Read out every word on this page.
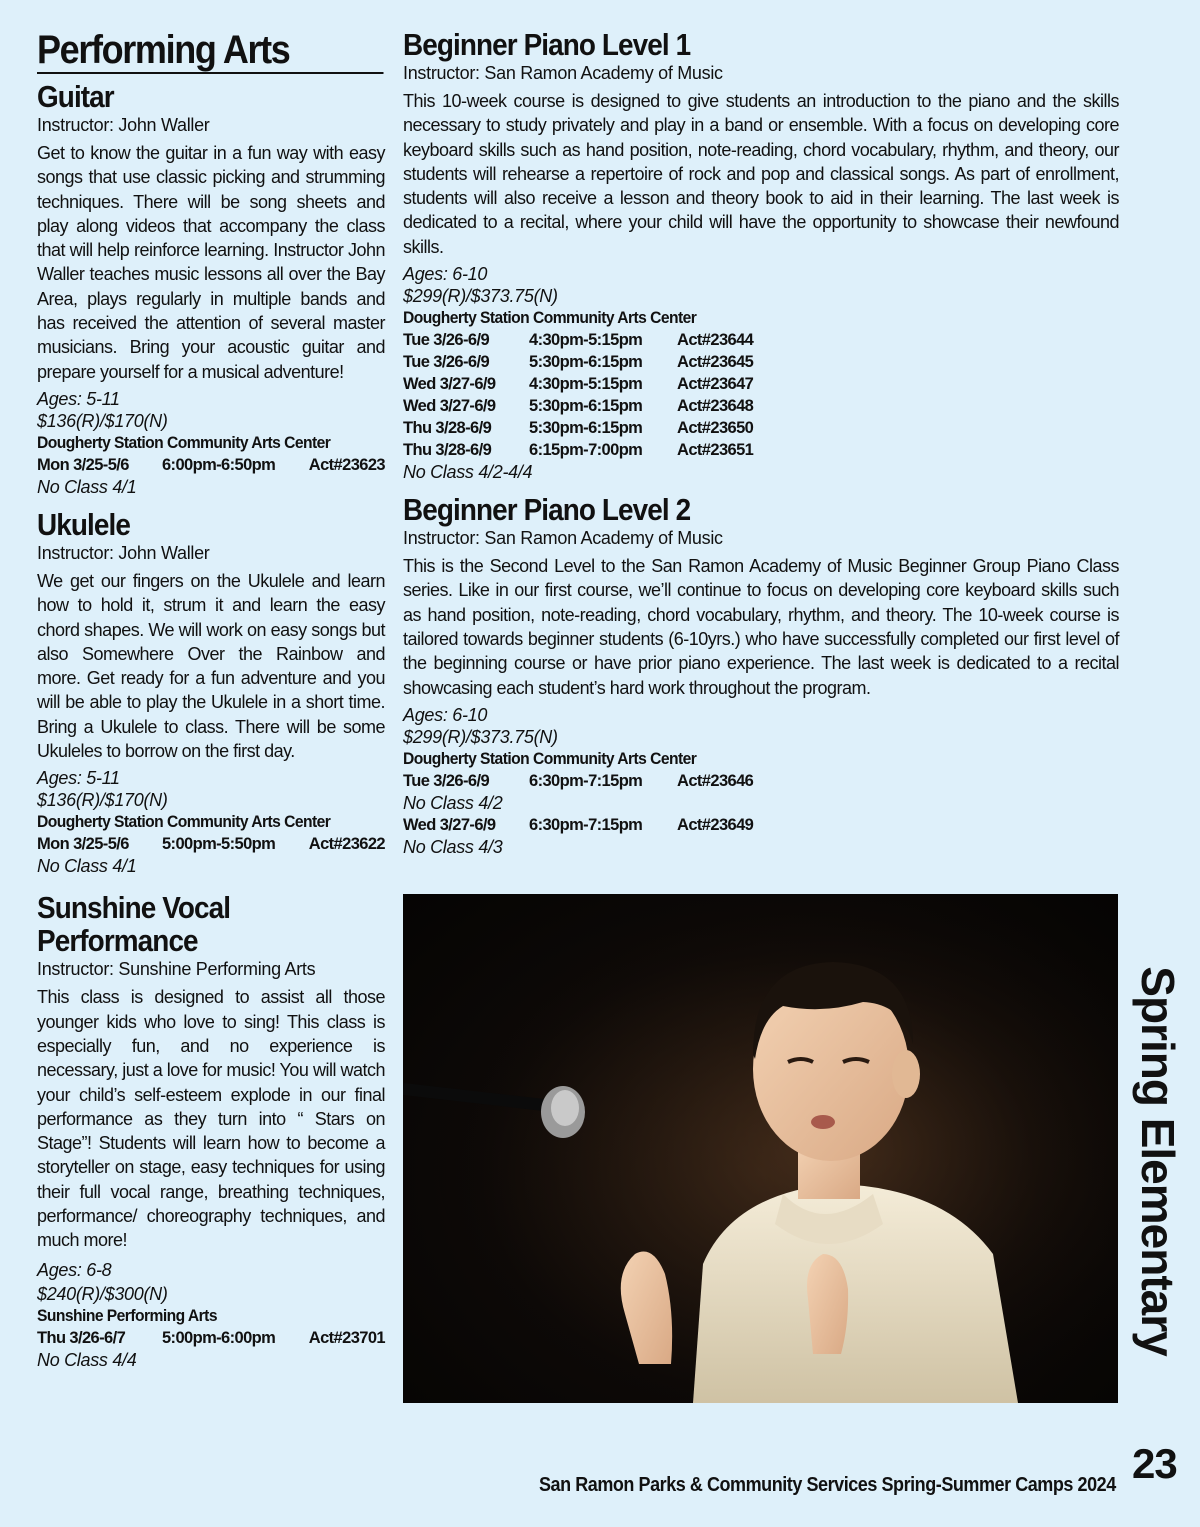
Performing Arts
Guitar
Instructor: John Waller

Get to know the guitar in a fun way with easy songs that use classic picking and strumming techniques. There will be song sheets and play along videos that accompany the class that will help reinforce learning. Instructor John Waller teaches music lessons all over the Bay Area, plays regularly in multiple bands and has received the attention of several master musicians. Bring your acoustic guitar and prepare yourself for a musical adventure!

Ages: 5-11
$136(R)/$170(N)
Dougherty Station Community Arts Center
Mon 3/25-5/6	6:00pm-6:50pm	Act#23623
No Class 4/1
Ukulele
Instructor: John Waller

We get our fingers on the Ukulele and learn how to hold it, strum it and learn the easy chord shapes. We will work on easy songs but also Somewhere Over the Rainbow and more. Get ready for a fun adventure and you will be able to play the Ukulele in a short time. Bring a Ukulele to class. There will be some Ukuleles to borrow on the first day.

Ages: 5-11
$136(R)/$170(N)
Dougherty Station Community Arts Center
Mon 3/25-5/6	5:00pm-5:50pm	Act#23622
No Class 4/1
Sunshine Vocal Performance
Instructor: Sunshine Performing Arts

This class is designed to assist all those younger kids who love to sing! This class is especially fun, and no experience is necessary, just a love for music! You will watch your child’s self-esteem explode in our final performance as they turn into “ Stars on Stage”! Students will learn how to become a storyteller on stage, easy techniques for using their full vocal range, breathing techniques, performance/ choreography techniques, and much more!

Ages: 6-8
$240(R)/$300(N)
Sunshine Performing Arts
Thu 3/26-6/7	5:00pm-6:00pm	Act#23701
No Class 4/4
Beginner Piano Level 1
Instructor: San Ramon Academy of Music

This 10-week course is designed to give students an introduction to the piano and the skills necessary to study privately and play in a band or ensemble. With a focus on developing core keyboard skills such as hand position, note-reading, chord vocabulary, rhythm, and theory, our students will rehearse a repertoire of rock and pop and classical songs. As part of enrollment, students will also receive a lesson and theory book to aid in their learning. The last week is dedicated to a recital, where your child will have the opportunity to showcase their newfound skills.

Ages: 6-10
$299(R)/$373.75(N)
Dougherty Station Community Arts Center
Tue 3/26-6/9	4:30pm-5:15pm	Act#23644
Tue 3/26-6/9	5:30pm-6:15pm	Act#23645
Wed 3/27-6/9	4:30pm-5:15pm	Act#23647
Wed 3/27-6/9	5:30pm-6:15pm	Act#23648
Thu 3/28-6/9	5:30pm-6:15pm	Act#23650
Thu 3/28-6/9	6:15pm-7:00pm	Act#23651
No Class 4/2-4/4
Beginner Piano Level 2
Instructor: San Ramon Academy of Music

This is the Second Level to the San Ramon Academy of Music Beginner Group Piano Class series. Like in our first course, we’ll continue to focus on developing core keyboard skills such as hand position, note-reading, chord vocabulary, rhythm, and theory. The 10-week course is tailored towards beginner students (6-10yrs.) who have successfully completed our first level of the beginning course or have prior piano experience. The last week is dedicated to a recital showcasing each student’s hard work throughout the program.

Ages: 6-10
$299(R)/$373.75(N)
Dougherty Station Community Arts Center
Tue 3/26-6/9	6:30pm-7:15pm	Act#23646
No Class 4/2
Wed 3/27-6/9	6:30pm-7:15pm	Act#23649
No Class 4/3
Spring Elementary
San Ramon Parks & Community Services Spring-Summer Camps 2024 23
